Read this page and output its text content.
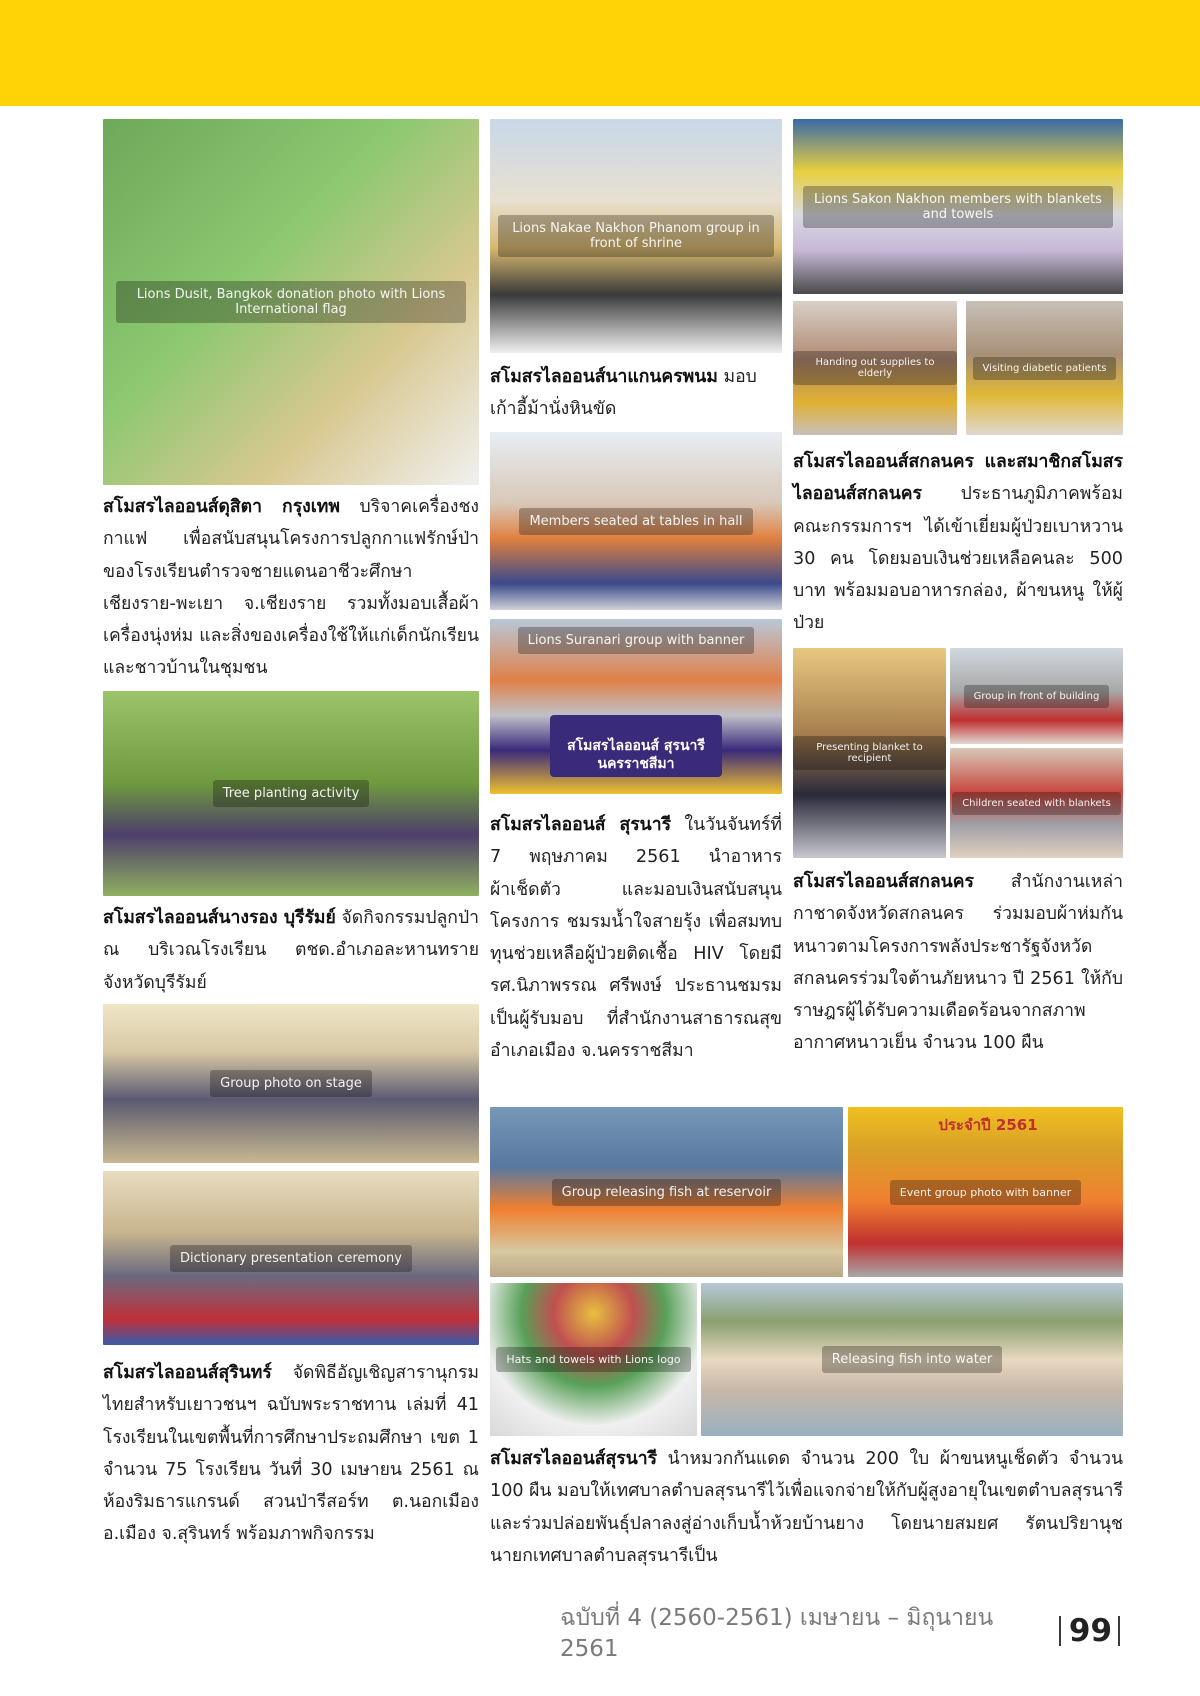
Lions Dusit, Bangkok donation photo with Lions International flag
Tree planting activity
Group photo on stage
Dictionary presentation ceremony
Lions Nakae Nakhon Phanom group in front of shrine
Members seated at tables in hall

สโมสรไลออนส์ สุรนารี
นครราชสีมา

Lions Suranari group with banner
Lions Sakon Nakhon members with blankets and towels
Handing out supplies to elderly	Visiting diabetic patients
Presenting blanket to recipient
Group in front of building
Children seated with blankets
Group releasing fish at reservoir
ประจำปี 2561
Event group photo with banner
Hats and towels with Lions logo	Releasing fish into water

สโมสรไลออนส์ดุสิตา กรุงเทพ บริจาคเครื่องชงกาแฟ เพื่อสนับสนุนโครงการปลูกกาแฟรักษ์ป่า ของโรงเรียนตำรวจชายแดนอาชีวะศึกษาเชียงราย-พะเยา จ.เชียงราย รวมทั้งมอบเสื้อผ้าเครื่องนุ่งห่ม และสิ่งของเครื่องใช้ให้แก่เด็กนักเรียนและชาวบ้านในชุมชน

สโมสรไลออนส์นาแกนครพนม มอบเก้าอี้ม้านั่งหินขัด

สโมสรไลออนส์สกลนคร และสมาชิกสโมสรไลออนส์สกลนคร ประธานภูมิภาคพร้อมคณะกรรมการฯ ได้เข้าเยี่ยมผู้ป่วยเบาหวาน 30 คน โดยมอบเงินช่วยเหลือคนละ 500 บาท พร้อมมอบอาหารกล่อง, ผ้าขนหนู ให้ผู้ป่วย

สโมสรไลออนส์นางรอง บุรีรัมย์ จัดกิจกรรมปลูกป่า ณ บริเวณโรงเรียน ตชด.อำเภอละหานทราย จังหวัดบุรีรัมย์

สโมสรไลออนส์ สุรนารี ในวันจันทร์ที่ 7 พฤษภาคม 2561 นำอาหาร ผ้าเช็ดตัว และมอบเงินสนับสนุนโครงการ ชมรมน้ำใจสายรุ้ง เพื่อสมทบทุนช่วยเหลือผู้ป่วยติดเชื้อ HIV โดยมี รศ.นิภาพรรณ ศรีพงษ์ ประธานชมรมเป็นผู้รับมอบ ที่สำนักงานสาธารณสุข อำเภอเมือง จ.นครราชสีมา

สโมสรไลออนส์สกลนคร สำนักงานเหล่ากาชาดจังหวัดสกลนคร ร่วมมอบผ้าห่มกันหนาวตามโครงการพลังประชารัฐจังหวัด สกลนครร่วมใจต้านภัยหนาว ปี 2561 ให้กับราษฎรผู้ได้รับความเดือดร้อนจากสภาพอากาศหนาวเย็น จำนวน 100 ผืน

สโมสรไลออนส์สุรินทร์ จัดพิธีอัญเชิญสารานุกรมไทยสำหรับเยาวชนฯ ฉบับพระราชทาน เล่มที่ 41 โรงเรียนในเขตพื้นที่การศึกษาประถมศึกษา เขต 1 จำนวน 75 โรงเรียน วันที่ 30 เมษายน 2561 ณ ห้องริมธารแกรนด์ สวนป่ารีสอร์ท ต.นอกเมือง อ.เมือง จ.สุรินทร์ พร้อมภาพกิจกรรม

สโมสรไลออนส์สุรนารี นำหมวกกันแดด จำนวน 200 ใบ ผ้าขนหนูเช็ดตัว จำนวน 100 ผืน มอบให้เทศบาลตำบลสุรนารีไว้เพื่อแจกจ่ายให้กับผู้สูงอายุในเขตตำบลสุรนารี และร่วมปล่อยพันธุ์ปลาลงสู่อ่างเก็บน้ำห้วยบ้านยาง โดยนายสมยศ รัตนปริยานุช นายกเทศบาลตำบลสุรนารีเป็น

ฉบับที่ 4 (2560-2561) เมษายน – มิถุนายน 2561	99
